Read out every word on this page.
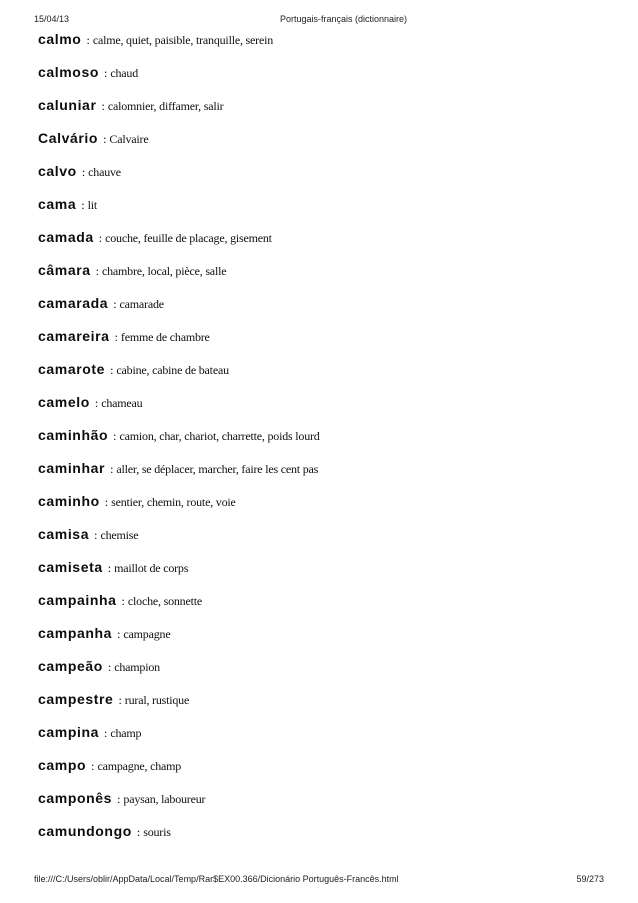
15/04/13	Portugais-français (dictionnaire)
calmo : calme, quiet, paisible, tranquille, serein
calmoso : chaud
caluniar : calomnier, diffamer, salir
Calvário : Calvaire
calvo : chauve
cama : lit
camada : couche, feuille de placage, gisement
câmara : chambre, local, pièce, salle
camarada : camarade
camareira : femme de chambre
camarote : cabine, cabine de bateau
camelo : chameau
caminhão : camion, char, chariot, charrette, poids lourd
caminhar : aller, se déplacer, marcher, faire les cent pas
caminho : sentier, chemin, route, voie
camisa : chemise
camiseta : maillot de corps
campainha : cloche, sonnette
campanha : campagne
campeão : champion
campestre : rural, rustique
campina : champ
campo : campagne, champ
camponês : paysan, laboureur
camundongo : souris
file:///C:/Users/oblir/AppData/Local/Temp/Rar$EX00.366/Dicionário Português-Francês.html	59/273
